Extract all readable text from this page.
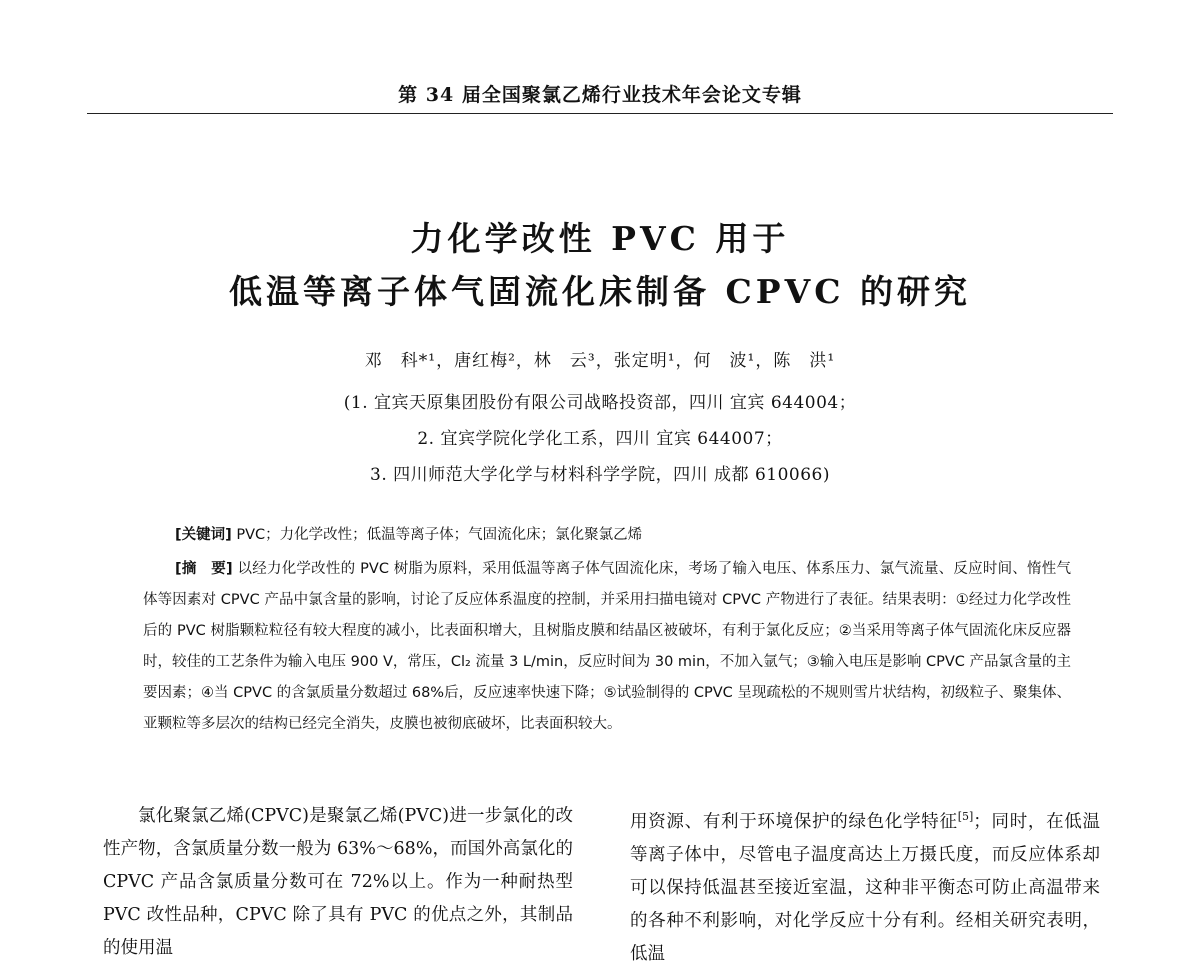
第 34 届全国聚氯乙烯行业技术年会论文专辑
力化学改性 PVC 用于
低温等离子体气固流化床制备 CPVC 的研究
邓　科*¹，唐红梅²，林　云³，张定明¹，何　波¹，陈　洪¹
(1. 宜宾天原集团股份有限公司战略投资部，四川 宜宾 644004；
2. 宜宾学院化学化工系，四川 宜宾 644007；
3. 四川师范大学化学与材料科学学院，四川 成都 610066)
[关键词] PVC；力化学改性；低温等离子体；气固流化床；氯化聚氯乙烯

[摘　要] 以经力化学改性的 PVC 树脂为原料，采用低温等离子体气固流化床，考场了输入电压、体系压力、氯气流量、反应时间、惰性气体等因素对 CPVC 产品中氯含量的影响，讨论了反应体系温度的控制，并采用扫描电镜对 CPVC 产物进行了表征。结果表明：①经过力化学改性后的 PVC 树脂颗粒粒径有较大程度的减小，比表面积增大，且树脂皮膜和结晶区被破坏，有利于氯化反应；②当采用等离子体气固流化床反应器时，较佳的工艺条件为输入电压 900 V，常压，Cl₂ 流量 3 L/min，反应时间为 30 min，不加入氩气；③输入电压是影响 CPVC 产品氯含量的主要因素；④当 CPVC 的含氯质量分数超过 68%后，反应速率快速下降；⑤试验制得的 CPVC 呈现疏松的不规则雪片状结构，初级粒子、聚集体、亚颗粒等多层次的结构已经完全消失，皮膜也被彻底破坏，比表面积较大。

氯化聚氯乙烯(CPVC)是聚氯乙烯(PVC)进一步氯化的改性产物，含氯质量分数一般为 63%～68%，而国外高氯化的 CPVC 产品含氯质量分数可在 72%以上。作为一种耐热型 PVC 改性品种，CPVC 除了具有 PVC 的优点之外，其制品的使用温

用资源、有利于环境保护的绿色化学特征[5]；同时，在低温等离子体中，尽管电子温度高达上万摄氏度，而反应体系却可以保持低温甚至接近室温，这种非平衡态可防止高温带来的各种不利影响，对化学反应十分有利。经相关研究表明，低温
